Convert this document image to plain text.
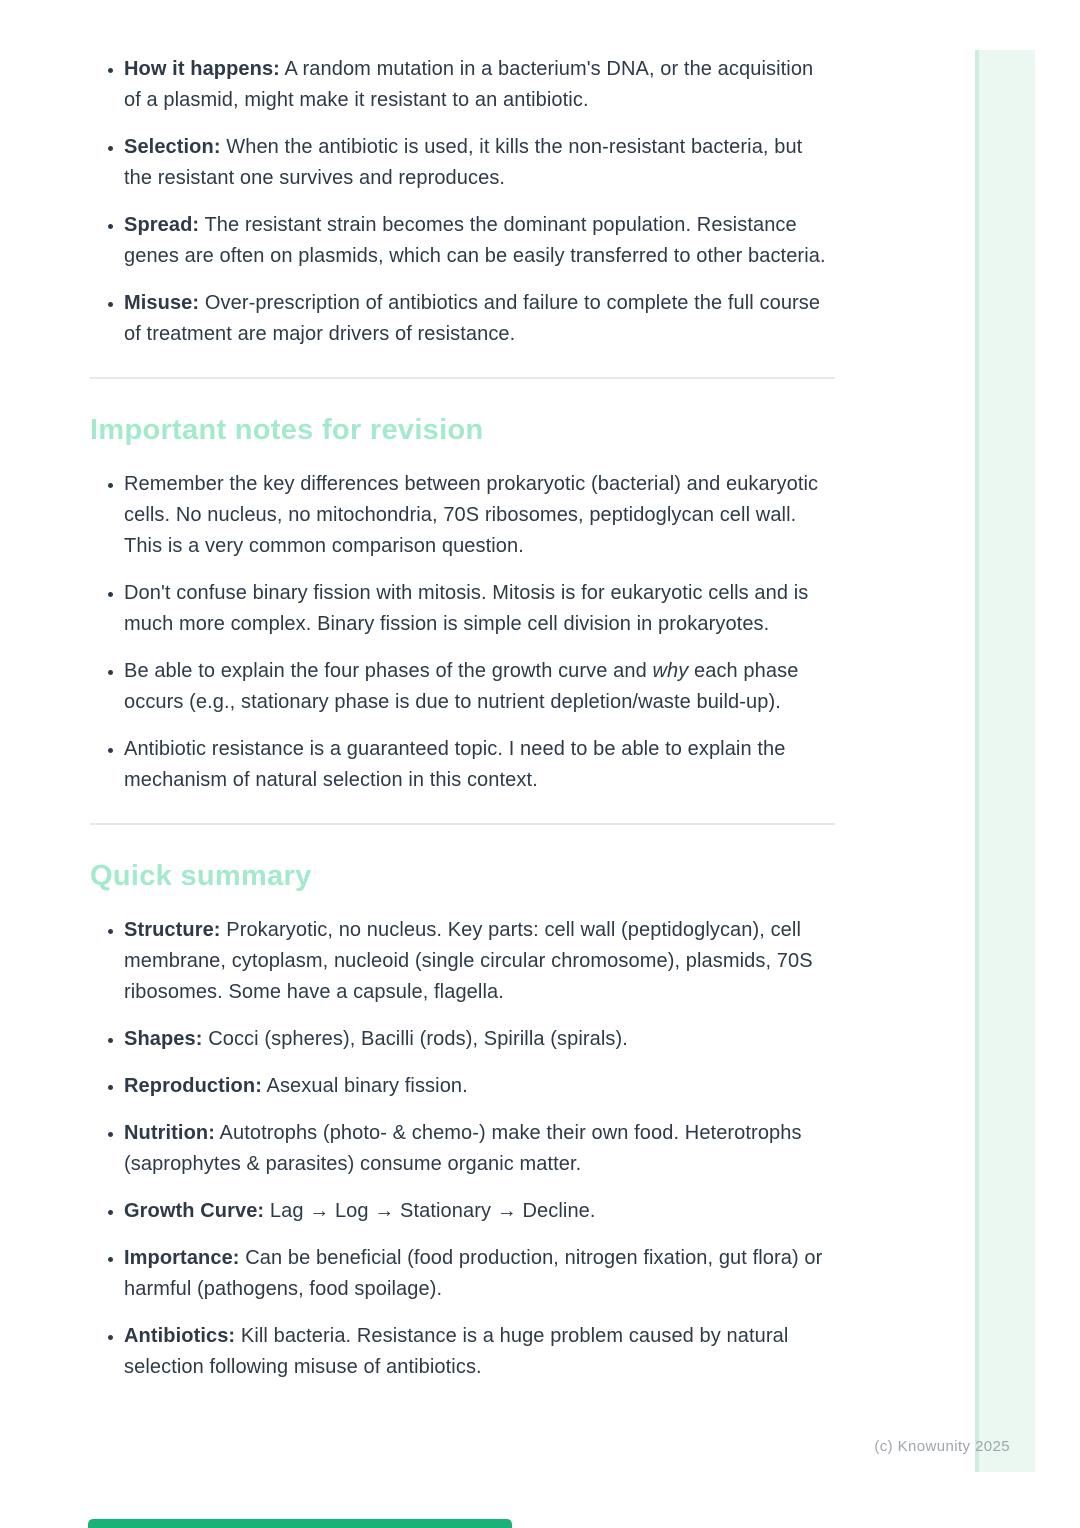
• How it happens: A random mutation in a bacterium's DNA, or the acquisition of a plasmid, might make it resistant to an antibiotic.
• Selection: When the antibiotic is used, it kills the non-resistant bacteria, but the resistant one survives and reproduces.
• Spread: The resistant strain becomes the dominant population. Resistance genes are often on plasmids, which can be easily transferred to other bacteria.
• Misuse: Over-prescription of antibiotics and failure to complete the full course of treatment are major drivers of resistance.
Important notes for revision
• Remember the key differences between prokaryotic (bacterial) and eukaryotic cells. No nucleus, no mitochondria, 70S ribosomes, peptidoglycan cell wall. This is a very common comparison question.
• Don't confuse binary fission with mitosis. Mitosis is for eukaryotic cells and is much more complex. Binary fission is simple cell division in prokaryotes.
• Be able to explain the four phases of the growth curve and why each phase occurs (e.g., stationary phase is due to nutrient depletion/waste build-up).
• Antibiotic resistance is a guaranteed topic. I need to be able to explain the mechanism of natural selection in this context.
Quick summary
• Structure: Prokaryotic, no nucleus. Key parts: cell wall (peptidoglycan), cell membrane, cytoplasm, nucleoid (single circular chromosome), plasmids, 70S ribosomes. Some have a capsule, flagella.
• Shapes: Cocci (spheres), Bacilli (rods), Spirilla (spirals).
• Reproduction: Asexual binary fission.
• Nutrition: Autotrophs (photo- & chemo-) make their own food. Heterotrophs (saprophytes & parasites) consume organic matter.
• Growth Curve: Lag → Log → Stationary → Decline.
• Importance: Can be beneficial (food production, nitrogen fixation, gut flora) or harmful (pathogens, food spoilage).
• Antibiotics: Kill bacteria. Resistance is a huge problem caused by natural selection following misuse of antibiotics.
(c) Knowunity 2025
